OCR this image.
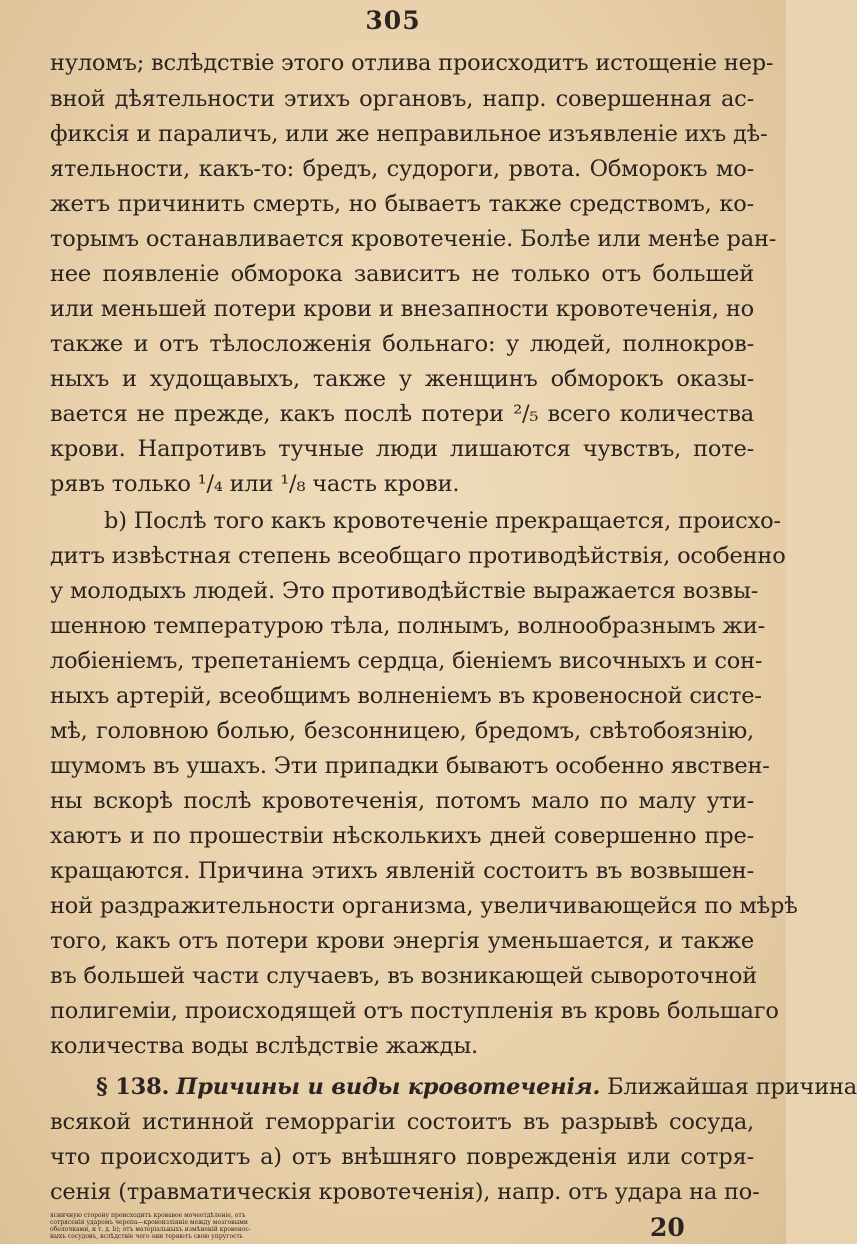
305
нуломъ; вслѣдствіе этого отлива происходитъ истощеніе нер-
вной дѣятельности этихъ органовъ, напр. совершенная ас-
фиксія и параличъ, или же неправильное изъявленіе ихъ дѣ-
ятельности, какъ-то: бредъ, судороги, рвота. Обморокъ мо-
жетъ причинить смерть, но бываетъ также средствомъ, ко-
торымъ останавливается кровотеченіе. Болѣе или менѣе ран-
нее появленіе обморока зависитъ не только отъ большей
или меньшей потери крови и внезапности кровотеченія, но
также и отъ тѣлосложенія больнаго: у людей, полнокров-
ныхъ и худощавыхъ, также у женщинъ обморокъ оказы-
вается не прежде, какъ послѣ потери ²/₅ всего количества
крови. Напротивъ тучные люди лишаются чувствъ, поте-
рявъ только ¹/₄ или ¹/₈ часть крови.
b) Послѣ того какъ кровотеченіе прекращается, происхо-
дитъ извѣстная степень всеобщаго противодѣйствія, особенно
у молодыхъ людей. Это противодѣйствіе выражается возвы-
шенною температурою тѣла, полнымъ, волнообразнымъ жи-
лобіеніемъ, трепетаніемъ сердца, біеніемъ височныхъ и сон-
ныхъ артерій, всеобщимъ волненіемъ въ кровеносной систе-
мѣ, головною болью, безсонницею, бредомъ, свѣтобоязнію,
шумомъ въ ушахъ. Эти припадки бываютъ особенно явствен-
ны вскорѣ послѣ кровотеченія, потомъ мало по малу ути-
хаютъ и по прошествіи нѣсколькихъ дней совершенно пре-
кращаются. Причина этихъ явленій состоитъ въ возвышен-
ной раздражительности организма, увеличивающейся по мѣрѣ
того, какъ отъ потери крови энергія уменьшается, и также
въ большей части случаевъ, въ возникающей сывороточной
полигеміи, происходящей отъ поступленія въ кровь большаго
количества воды вслѣдствіе жажды.
§ 138. Причины и виды кровотеченія. Ближайшая причина
всякой истинной геморрагіи состоитъ въ разрывѣ сосуда,
что происходитъ a) отъ внѣшняго поврежденія или сотря-
сенія (травматическія кровотеченія), напр. отъ удара на по-
20
ясничную сторону происходитъ кровавое мочеотдѣленіе, отъ
сотрясенія ударомъ черепа—кровоизліяніе между мозговыми
оболочками, и т. д. b); отъ матеріальныхъ измѣненій кровенос-
ныхъ сосудовъ, вслѣдствіе чего они теряютъ свою упругость
